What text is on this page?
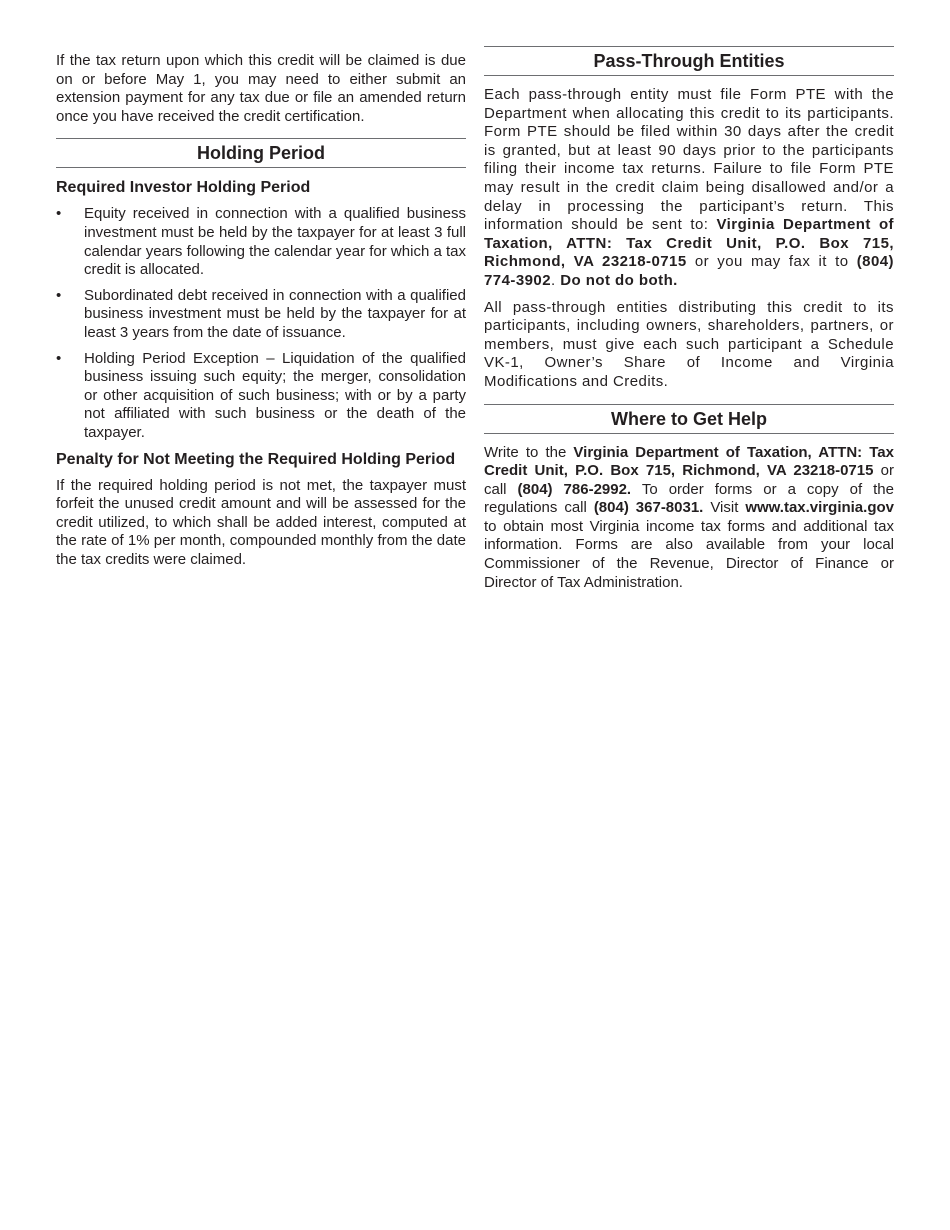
If the tax return upon which this credit will be claimed is due on or before May 1, you may need to either submit an extension payment for any tax due or file an amended return once you have received the credit certification.

Holding Period
Required Investor Holding Period
• Equity received in connection with a qualified business investment must be held by the taxpayer for at least 3 full calendar years following the calendar year for which a tax credit is allocated.
• Subordinated debt received in connection with a qualified business investment must be held by the taxpayer for at least 3 years from the date of issuance.
• Holding Period Exception – Liquidation of the qualified business issuing such equity; the merger, consolidation or other acquisition of such business; with or by a party not affiliated with such business or the death of the taxpayer.
Penalty for Not Meeting the Required Holding Period

If the required holding period is not met, the taxpayer must forfeit the unused credit amount and will be assessed for the credit utilized, to which shall be added interest, computed at the rate of 1% per month, compounded monthly from the date the tax credits were claimed.

Pass-Through Entities

Each pass-through entity must file Form PTE with the Department when allocating this credit to its participants. Form PTE should be filed within 30 days after the credit is granted, but at least 90 days prior to the participants filing their income tax returns. Failure to file Form PTE may result in the credit claim being disallowed and/or a delay in processing the participant’s return. This information should be sent to: Virginia Department of Taxation, ATTN: Tax Credit Unit, P.O. Box 715, Richmond, VA 23218-0715 or you may fax it to (804) 774-3902. Do not do both.

All pass-through entities distributing this credit to its participants, including owners, shareholders, partners, or members, must give each such participant a Schedule VK-1, Owner’s Share of Income and Virginia Modifications and Credits.

Where to Get Help

Write to the Virginia Department of Taxation, ATTN: Tax Credit Unit, P.O. Box 715, Richmond, VA 23218-0715 or call (804) 786-2992. To order forms or a copy of the regulations call (804) 367-8031. Visit www.tax.virginia.gov to obtain most Virginia income tax forms and additional tax information. Forms are also available from your local Commissioner of the Revenue, Director of Finance or Director of Tax Administration.
